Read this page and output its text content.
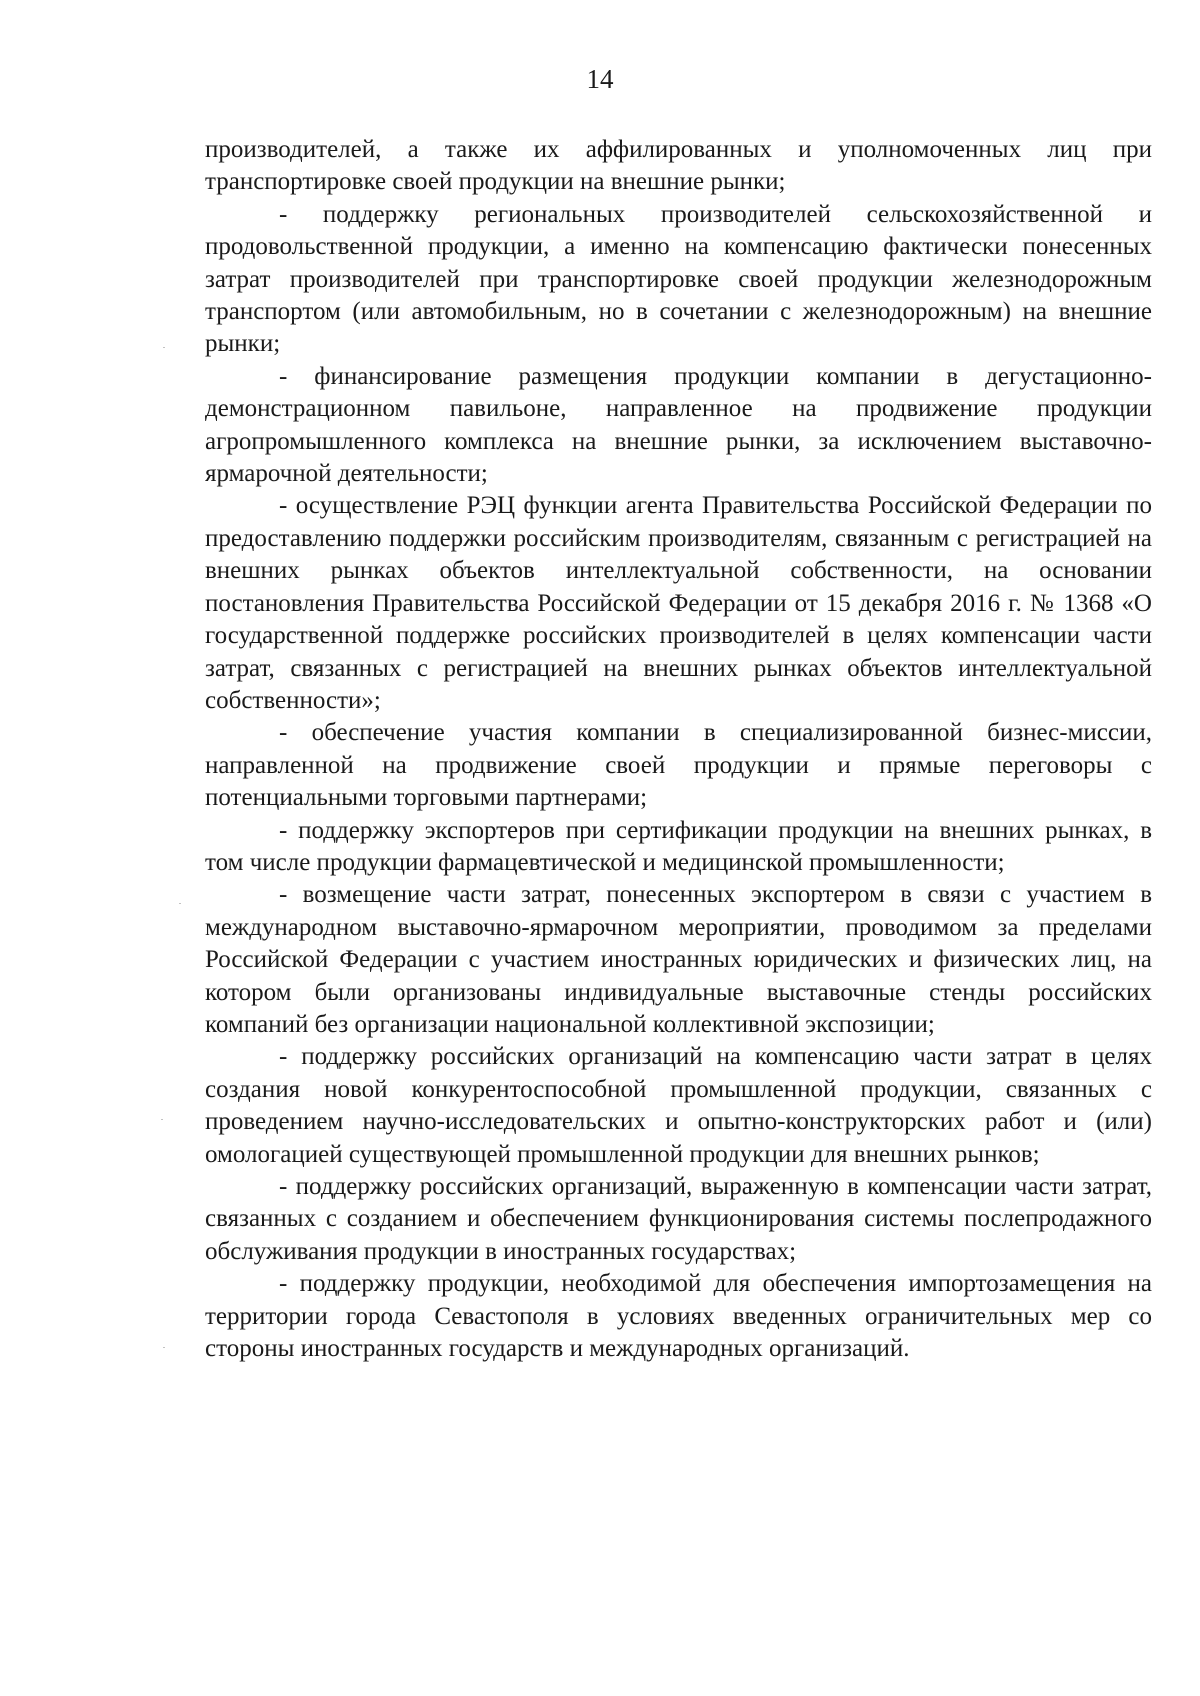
14

производителей, а также их аффилированных и уполномоченных лиц при транспортировке своей продукции на внешние рынки;

- поддержку региональных производителей сельскохозяйственной и продовольственной продукции, а именно на компенсацию фактически понесенных затрат производителей при транспортировке своей продукции железнодорожным транспортом (или автомобильным, но в сочетании с железнодорожным) на внешние рынки;

- финансирование размещения продукции компании в дегустационно-демонстрационном павильоне, направленное на продвижение продукции агропромышленного комплекса на внешние рынки, за исключением выставочно-ярмарочной деятельности;

- осуществление РЭЦ функции агента Правительства Российской Федерации по предоставлению поддержки российским производителям, связанным с регистрацией на внешних рынках объектов интеллектуальной собственности, на основании постановления Правительства Российской Федерации от 15 декабря 2016 г. № 1368 «О государственной поддержке российских производителей в целях компенсации части затрат, связанных с регистрацией на внешних рынках объектов интеллектуальной собственности»;

- обеспечение участия компании в специализированной бизнес-миссии, направленной на продвижение своей продукции и прямые переговоры с потенциальными торговыми партнерами;

- поддержку экспортеров при сертификации продукции на внешних рынках, в том числе продукции фармацевтической и медицинской промышленности;

- возмещение части затрат, понесенных экспортером в связи с участием в международном выставочно-ярмарочном мероприятии, проводимом за пределами Российской Федерации с участием иностранных юридических и физических лиц, на котором были организованы индивидуальные выставочные стенды российских компаний без организации национальной коллективной экспозиции;

- поддержку российских организаций на компенсацию части затрат в целях создания новой конкурентоспособной промышленной продукции, связанных с проведением научно-исследовательских и опытно-конструкторских работ и (или) омологацией существующей промышленной продукции для внешних рынков;

- поддержку российских организаций, выраженную в компенсации части затрат, связанных с созданием и обеспечением функционирования системы послепродажного обслуживания продукции в иностранных государствах;

- поддержку продукции, необходимой для обеспечения импортозамещения на территории города Севастополя в условиях введенных ограничительных мер со стороны иностранных государств и международных организаций.
